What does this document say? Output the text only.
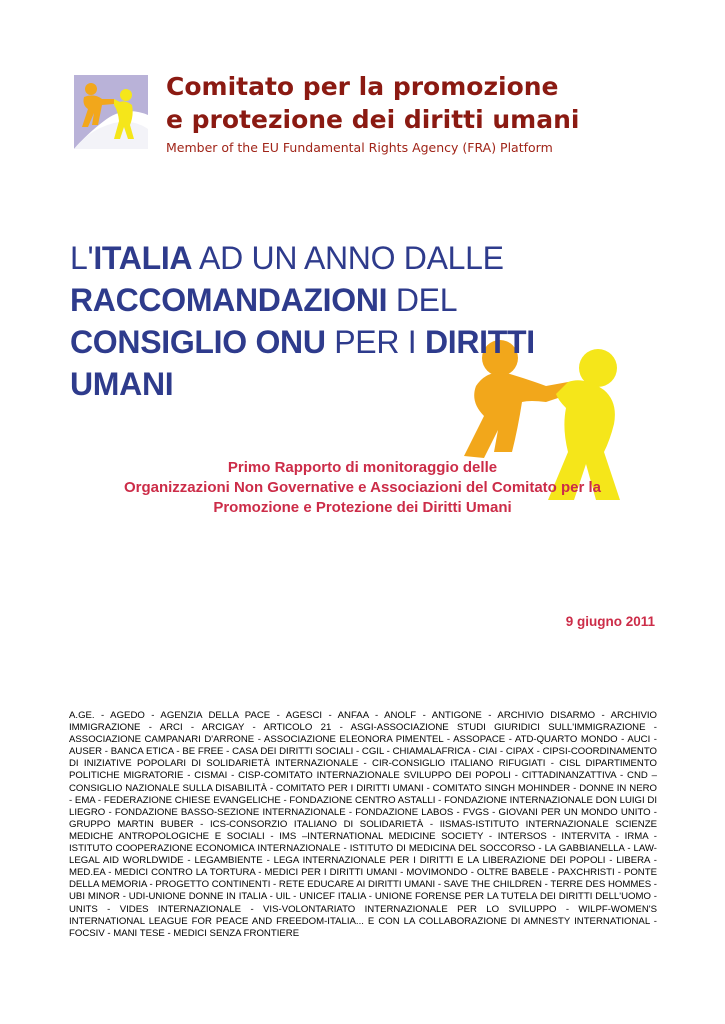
Comitato per la promozione
e protezione dei diritti umani
Member of the EU Fundamental Rights Agency (FRA) Platform
L'ITALIA AD UN ANNO DALLE
RACCOMANDAZIONI DEL
CONSIGLIO ONU PER I DIRITTI
UMANI
Primo Rapporto di monitoraggio delle
Organizzazioni Non Governative e Associazioni del Comitato per la
Promozione e Protezione dei Diritti Umani
9 giugno 2011
A.GE. - AGEDO - AGENZIA DELLA PACE - AGESCI - ANFAA - ANOLF - ANTIGONE - ARCHIVIO DISARMO - ARCHIVIO IMMIGRAZIONE - ARCI - ARCIGAY - ARTICOLO 21 - ASGI-ASSOCIAZIONE STUDI GIURIDICI SULL'IMMIGRAZIONE - ASSOCIAZIONE CAMPANARI D'ARRONE - ASSOCIAZIONE ELEONORA PIMENTEL - ASSOPACE - ATD-QUARTO MONDO - AUCI - AUSER - BANCA ETICA - BE FREE - CASA DEI DIRITTI SOCIALI - CGIL - CHIAMALAFRICA - CIAI - CIPAX - CIPSI-COORDINAMENTO DI INIZIATIVE POPOLARI DI SOLIDARIETÀ INTERNAZIONALE - CIR-CONSIGLIO ITALIANO RIFUGIATI - CISL DIPARTIMENTO POLITICHE MIGRATORIE - CISMAI - CISP-COMITATO INTERNAZIONALE SVILUPPO DEI POPOLI - CITTADINANZATTIVA - CND – CONSIGLIO NAZIONALE SULLA DISABILITÀ - COMITATO PER I DIRITTI UMANI - COMITATO SINGH MOHINDER - DONNE IN NERO - EMA - FEDERAZIONE CHIESE EVANGELICHE - FONDAZIONE CENTRO ASTALLI - FONDAZIONE INTERNAZIONALE DON LUIGI DI LIEGRO - FONDAZIONE BASSO-SEZIONE INTERNAZIONALE - FONDAZIONE LABOS - FVGS - GIOVANI PER UN MONDO UNITO - GRUPPO MARTIN BUBER - ICS-CONSORZIO ITALIANO DI SOLIDARIETÀ - IISMAS-ISTITUTO INTERNAZIONALE SCIENZE MEDICHE ANTROPOLOGICHE E SOCIALI - IMS –INTERNATIONAL MEDICINE SOCIETY - INTERSOS - INTERVITA - IRMA - ISTITUTO COOPERAZIONE ECONOMICA INTERNAZIONALE - ISTITUTO DI MEDICINA DEL SOCCORSO - LA GABBIANELLA - LAW-LEGAL AID WORLDWIDE - LEGAMBIENTE - LEGA INTERNAZIONALE PER I DIRITTI E LA LIBERAZIONE DEI POPOLI - LIBERA - MED.EA - MEDICI CONTRO LA TORTURA - MEDICI PER I DIRITTI UMANI - MOVIMONDO - OLTRE BABELE - PAXCHRISTI - PONTE DELLA MEMORIA - PROGETTO CONTINENTI - RETE EDUCARE AI DIRITTI UMANI - SAVE THE CHILDREN - TERRE DES HOMMES - UBI MINOR - UDI-UNIONE DONNE IN ITALIA - UIL - UNICEF ITALIA - UNIONE FORENSE PER LA TUTELA DEI DIRITTI DELL'UOMO - UNITS - VIDES INTERNAZIONALE - VIS-VOLONTARIATO INTERNAZIONALE PER LO SVILUPPO - WILPF-WOMEN'S INTERNATIONAL LEAGUE FOR PEACE AND FREEDOM-ITALIA... E CON LA COLLABORAZIONE DI AMNESTY INTERNATIONAL - FOCSIV - MANI TESE - MEDICI SENZA FRONTIERE
